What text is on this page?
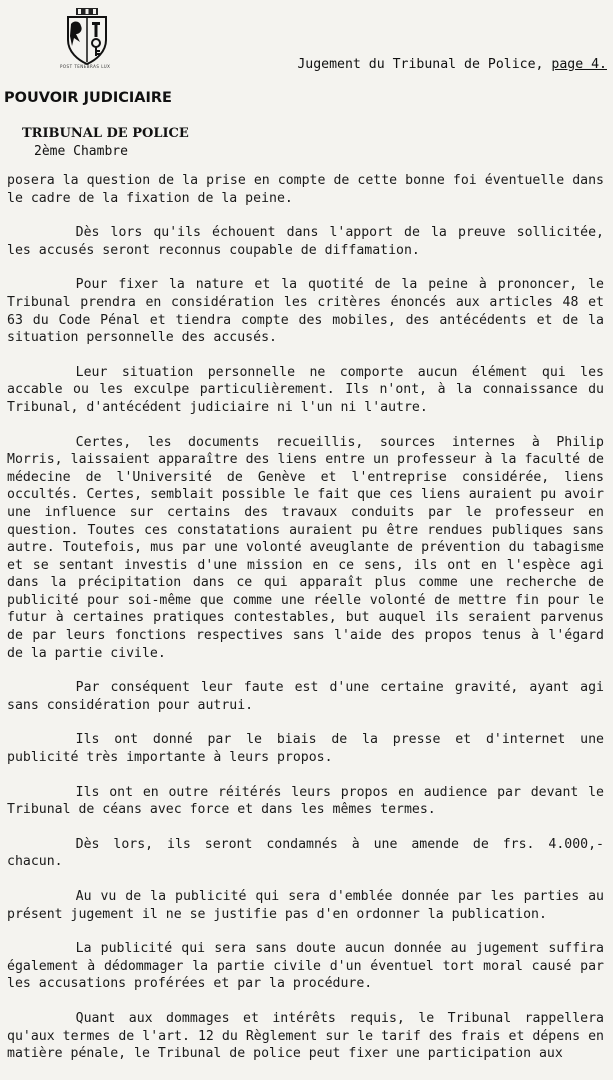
POST TENEBRAS LUX	Jugement du Tribunal de Police, page 4.
POUVOIR JUDICIAIRE
TRIBUNAL DE POLICE
2ème Chambre

posera la question de la prise en compte de cette bonne foi éventuelle dans le cadre de la fixation de la peine.

Dès lors qu'ils échouent dans l'apport de la preuve sollicitée, les accusés seront reconnus coupable de diffamation.

Pour fixer la nature et la quotité de la peine à prononcer, le Tribunal prendra en considération les critères énoncés aux articles 48 et 63 du Code Pénal et tiendra compte des mobiles, des antécédents et de la situation personnelle des accusés.

Leur situation personnelle ne comporte aucun élément qui les accable ou les exculpe particulièrement. Ils n'ont, à la connaissance du Tribunal, d'antécédent judiciaire ni l'un ni l'autre.

Certes, les documents recueillis, sources internes à Philip Morris, laissaient apparaître des liens entre un professeur à la faculté de médecine de l'Université de Genève et l'entreprise considérée, liens occultés. Certes, semblait possible le fait que ces liens auraient pu avoir une influence sur certains des travaux conduits par le professeur en question. Toutes ces constatations auraient pu être rendues publiques sans autre. Toutefois, mus par une volonté aveuglante de prévention du tabagisme et se sentant investis d'une mission en ce sens, ils ont en l'espèce agi dans la précipitation dans ce qui apparaît plus comme une recherche de publicité pour soi-même que comme une réelle volonté de mettre fin pour le futur à certaines pratiques contestables, but auquel ils seraient parvenus de par leurs fonctions respectives sans l'aide des propos tenus à l'égard de la partie civile.

Par conséquent leur faute est d'une certaine gravité, ayant agi sans considération pour autrui.

Ils ont donné par le biais de la presse et d'internet une publicité très importante à leurs propos.

Ils ont en outre réitérés leurs propos en audience par devant le Tribunal de céans avec force et dans les mêmes termes.

Dès lors, ils seront condamnés à une amende de frs. 4.000,- chacun.

Au vu de la publicité qui sera d'emblée donnée par les parties au présent jugement il ne se justifie pas d'en ordonner la publication.

La publicité qui sera sans doute aucun donnée au jugement suffira également à dédommager la partie civile d'un éventuel tort moral causé par les accusations proférées et par la procédure.

Quant aux dommages et intérêts requis, le Tribunal rappellera qu'aux termes de l'art. 12 du Règlement sur le tarif des frais et dépens en matière pénale, le Tribunal de police peut fixer une participation aux
